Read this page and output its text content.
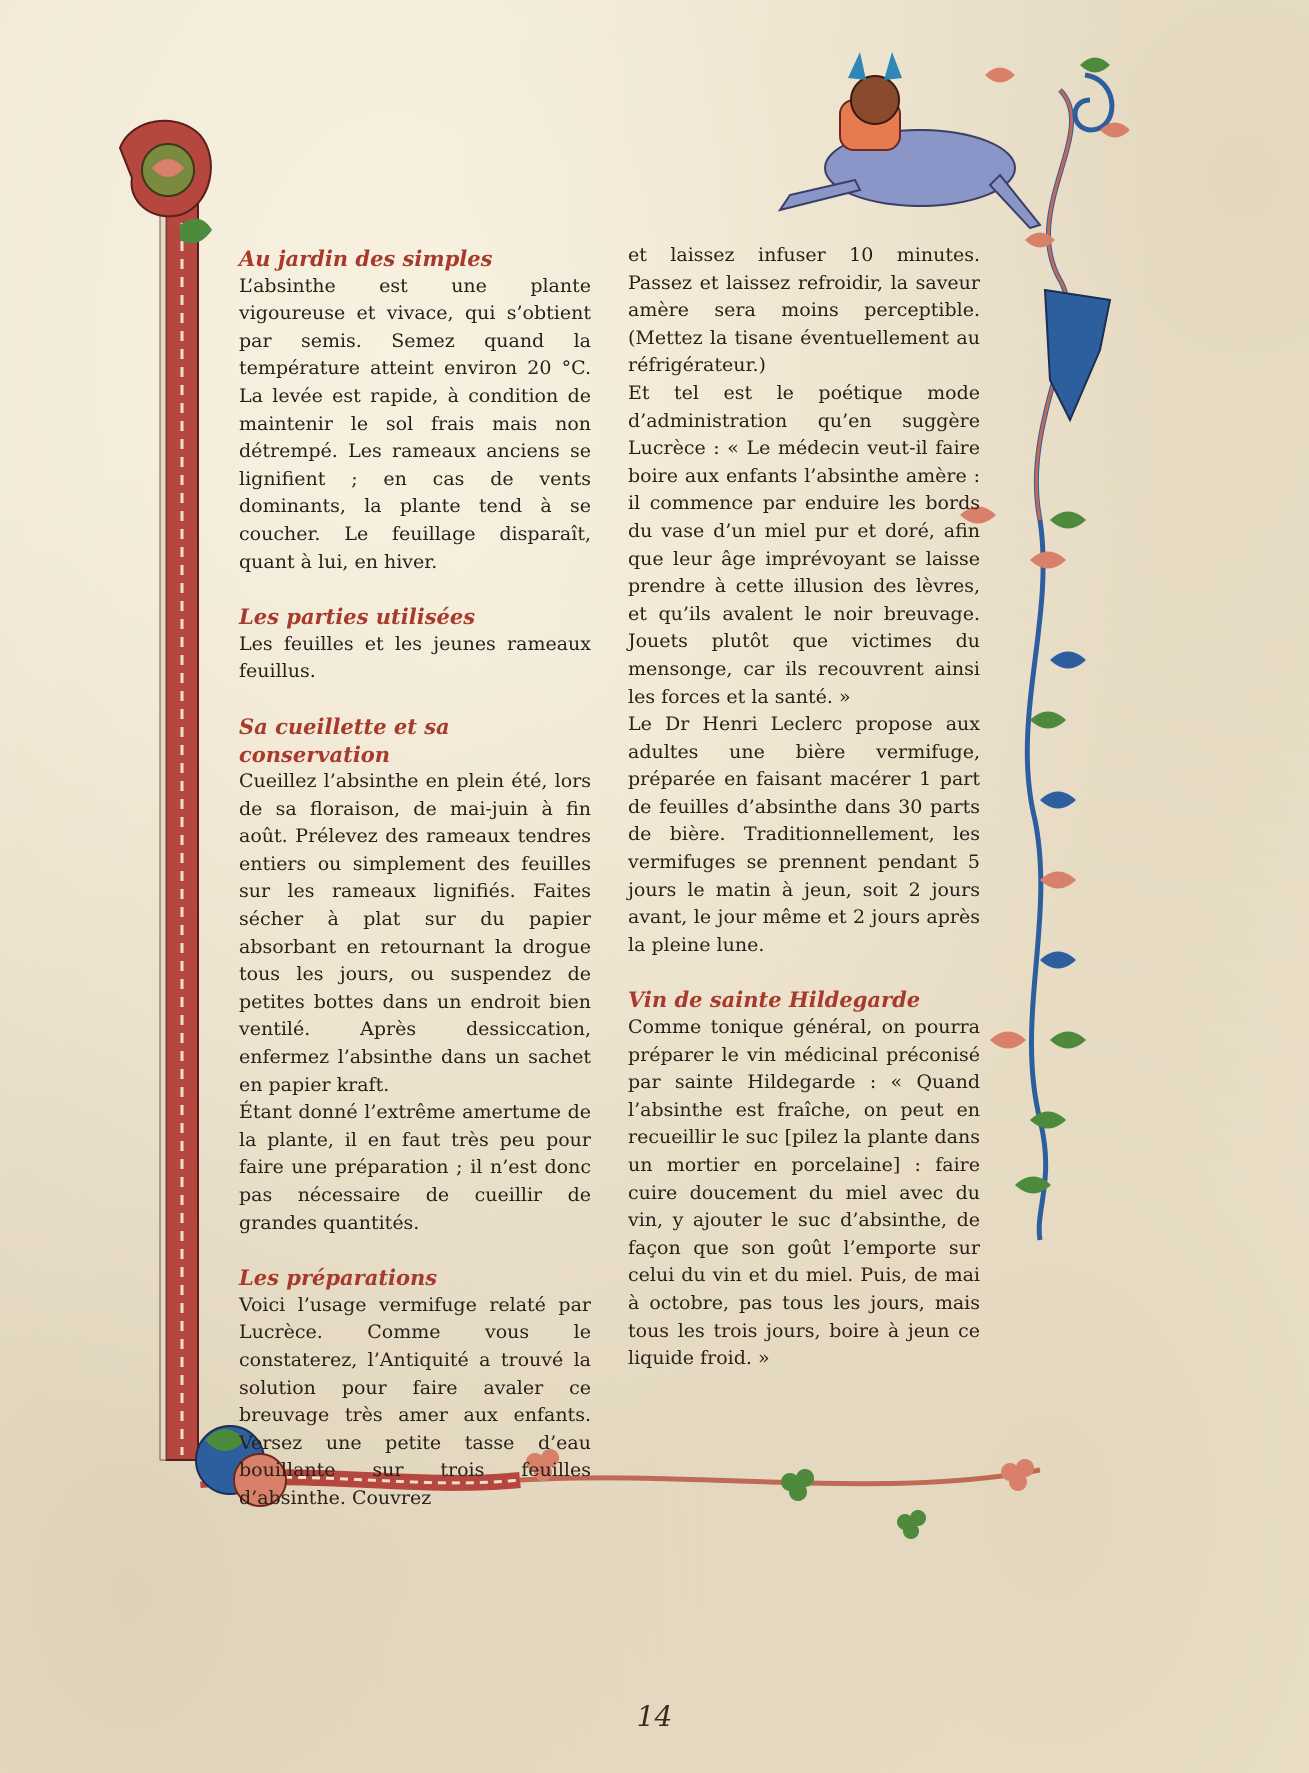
Au jardin des simples

L’absinthe est une plante vigoureuse et vivace, qui s’obtient par semis. Semez quand la température atteint environ 20 °C. La levée est rapide, à condition de maintenir le sol frais mais non détrempé. Les rameaux anciens se lignifient ; en cas de vents dominants, la plante tend à se coucher. Le feuillage disparaît, quant à lui, en hiver.

Les parties utilisées

Les feuilles et les jeunes rameaux feuillus.

Sa cueillette et sa conservation

Cueillez l’absinthe en plein été, lors de sa floraison, de mai-juin à fin août. Prélevez des rameaux tendres entiers ou simplement des feuilles sur les rameaux lignifiés. Faites sécher à plat sur du papier absorbant en retournant la drogue tous les jours, ou suspendez de petites bottes dans un endroit bien ventilé. Après dessiccation, enfermez l’absinthe dans un sachet en papier kraft.

Étant donné l’extrême amertume de la plante, il en faut très peu pour faire une préparation ; il n’est donc pas nécessaire de cueillir de grandes quantités.

Les préparations

Voici l’usage vermifuge relaté par Lucrèce. Comme vous le constaterez, l’Antiquité a trouvé la solution pour faire avaler ce breuvage très amer aux enfants. Versez une petite tasse d’eau bouillante sur trois feuilles d’absinthe. Couvrez

et laissez infuser 10 minutes. Passez et laissez refroidir, la saveur amère sera moins perceptible. (Mettez la tisane éventuellement au réfrigérateur.)

Et tel est le poétique mode d’administration qu’en suggère Lucrèce : « Le médecin veut-il faire boire aux enfants l’absinthe amère : il commence par enduire les bords du vase d’un miel pur et doré, afin que leur âge imprévoyant se laisse prendre à cette illusion des lèvres, et qu’ils avalent le noir breuvage. Jouets plutôt que victimes du mensonge, car ils recouvrent ainsi les forces et la santé. »

Le Dr Henri Leclerc propose aux adultes une bière vermifuge, préparée en faisant macérer 1 part de feuilles d’absinthe dans 30 parts de bière. Traditionnellement, les vermifuges se prennent pendant 5 jours le matin à jeun, soit 2 jours avant, le jour même et 2 jours après la pleine lune.

Vin de sainte Hildegarde

Comme tonique général, on pourra préparer le vin médicinal préconisé par sainte Hildegarde : « Quand l’absinthe est fraîche, on peut en recueillir le suc [pilez la plante dans un mortier en porcelaine] : faire cuire doucement du miel avec du vin, y ajouter le suc d’absinthe, de façon que son goût l’emporte sur celui du vin et du miel. Puis, de mai à octobre, pas tous les jours, mais tous les trois jours, boire à jeun ce liquide froid. »

14
